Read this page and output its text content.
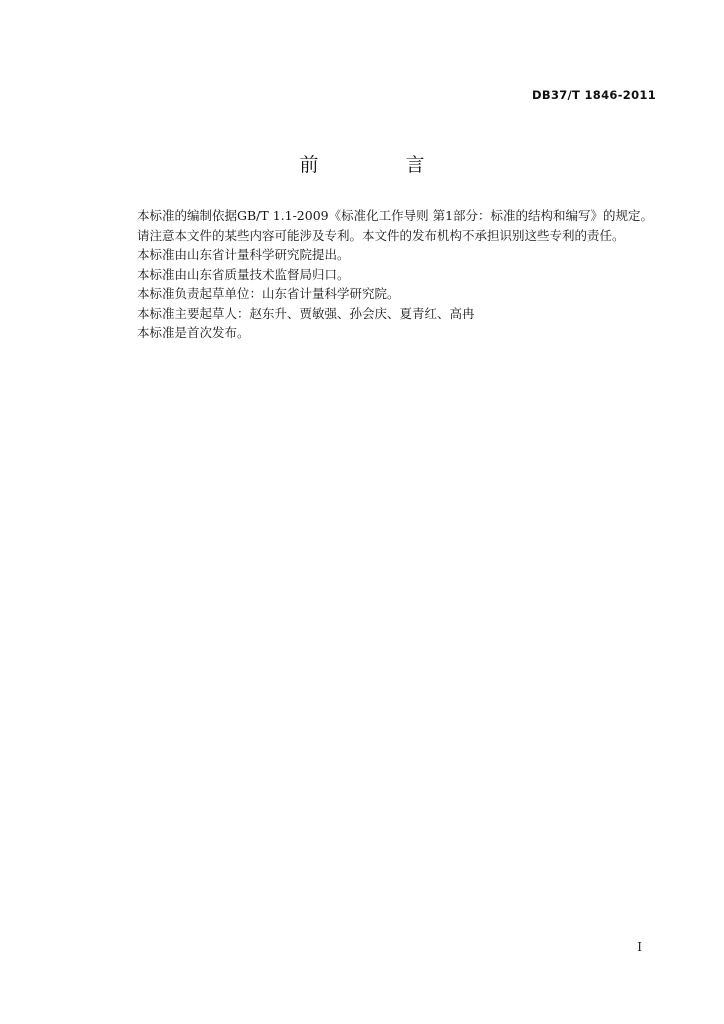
DB37/T 1846-2011
前　言

本标准的编制依据GB/T 1.1-2009《标准化工作导则 第1部分：标准的结构和编写》的规定。

请注意本文件的某些内容可能涉及专利。本文件的发布机构不承担识别这些专利的责任。

本标准由山东省计量科学研究院提出。

本标准由山东省质量技术监督局归口。

本标准负责起草单位：山东省计量科学研究院。

本标准主要起草人：赵东升、贾敏强、孙会庆、夏青红、高冉

本标准是首次发布。

I
